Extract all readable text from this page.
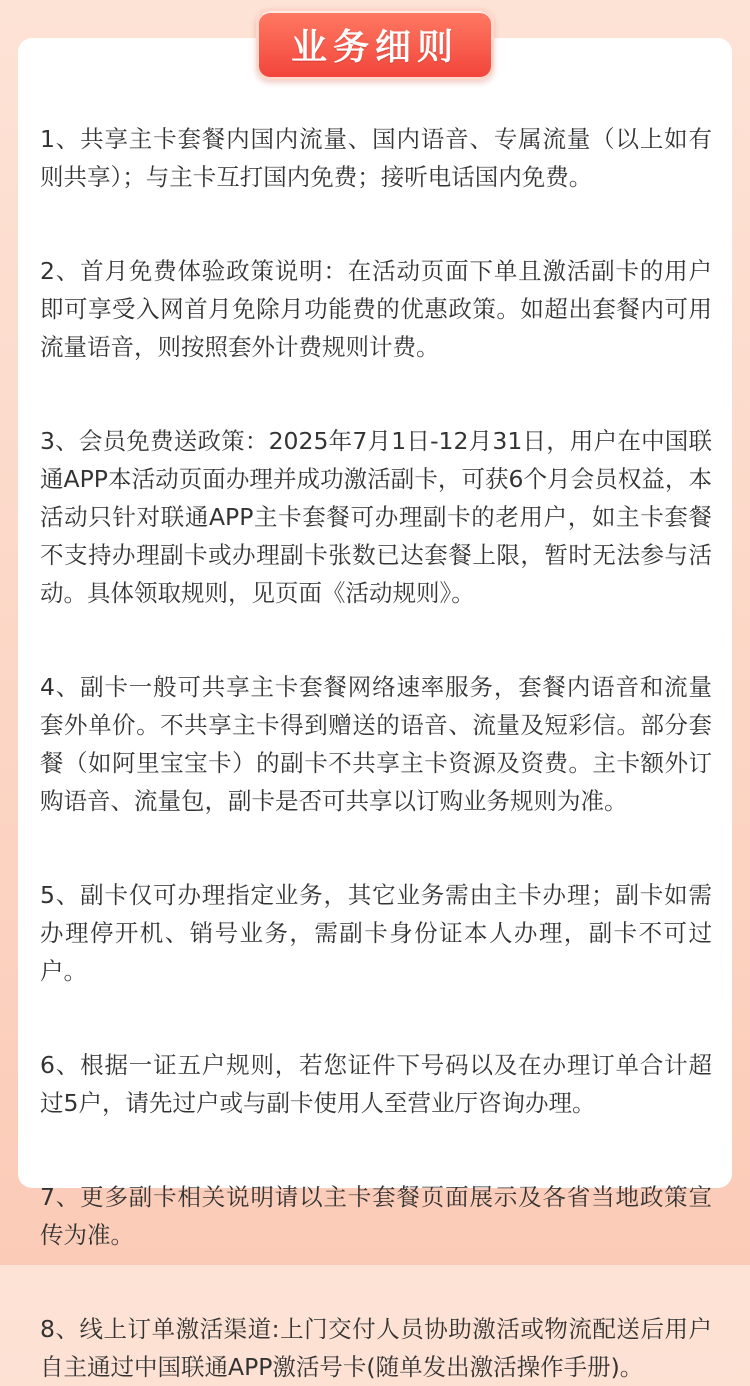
业务细则
1、共享主卡套餐内国内流量、国内语音、专属流量（以上如有则共享）；与主卡互打国内免费；接听电话国内免费。
2、首月免费体验政策说明：在活动页面下单且激活副卡的用户即可享受入网首月免除月功能费的优惠政策。如超出套餐内可用流量语音，则按照套外计费规则计费。
3、会员免费送政策：2025年7月1日-12月31日，用户在中国联通APP本活动页面办理并成功激活副卡，可获6个月会员权益，本活动只针对联通APP主卡套餐可办理副卡的老用户，如主卡套餐不支持办理副卡或办理副卡张数已达套餐上限，暂时无法参与活动。具体领取规则，见页面《活动规则》。
4、副卡一般可共享主卡套餐网络速率服务，套餐内语音和流量套外单价。不共享主卡得到赠送的语音、流量及短彩信。部分套餐（如阿里宝宝卡）的副卡不共享主卡资源及资费。主卡额外订购语音、流量包，副卡是否可共享以订购业务规则为准。
5、副卡仅可办理指定业务，其它业务需由主卡办理；副卡如需办理停开机、销号业务，需副卡身份证本人办理，副卡不可过户。
6、根据一证五户规则，若您证件下号码以及在办理订单合计超过5户，请先过户或与副卡使用人至营业厅咨询办理。
7、更多副卡相关说明请以主卡套餐页面展示及各省当地政策宣传为准。
8、线上订单激活渠道:上门交付人员协助激活或物流配送后用户自主通过中国联通APP激活号卡(随单发出激活操作手册)。
